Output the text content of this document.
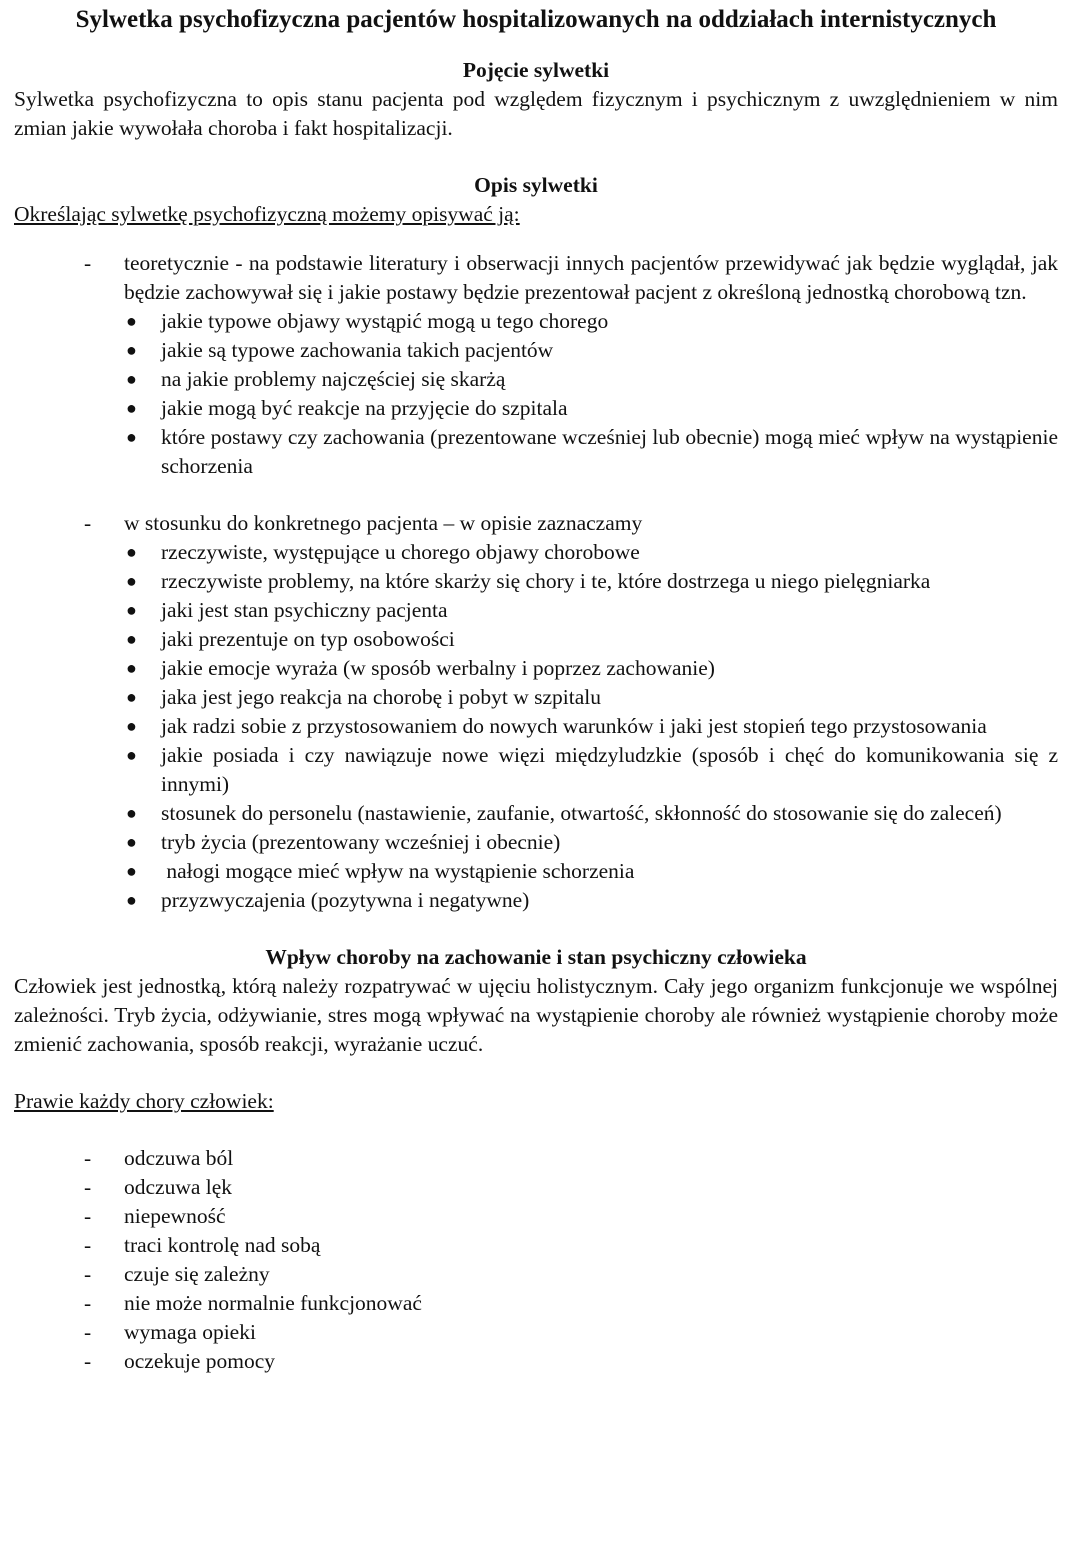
Sylwetka psychofizyczna pacjentów hospitalizowanych na oddziałach internistycznych
Pojęcie sylwetki

Sylwetka psychofizyczna to opis stanu pacjenta pod względem fizycznym i psychicznym z uwzględnieniem w nim zmian jakie wywołała choroba i fakt hospitalizacji.

Opis sylwetki

Określając sylwetkę psychofizyczną możemy opisywać ją:

- teoretycznie - na podstawie literatury i obserwacji innych pacjentów przewidywać jak będzie wyglądał, jak będzie zachowywał się i jakie postawy będzie prezentował pacjent z określoną jednostką chorobową tzn.
● jakie typowe objawy wystąpić mogą u tego chorego
● jakie są typowe zachowania takich pacjentów
● na jakie problemy najczęściej się skarżą
● jakie mogą być reakcje na przyjęcie do szpitala
● które postawy czy zachowania (prezentowane wcześniej lub obecnie) mogą mieć wpływ na wystąpienie schorzenia
- w stosunku do konkretnego pacjenta – w opisie zaznaczamy
● rzeczywiste, występujące u chorego objawy chorobowe
● rzeczywiste problemy, na które skarży się chory i te, które dostrzega u niego pielęgniarka
● jaki jest stan psychiczny pacjenta
● jaki prezentuje on typ osobowości
● jakie emocje wyraża (w sposób werbalny i poprzez zachowanie)
● jaka jest jego reakcja na chorobę i pobyt w szpitalu
● jak radzi sobie z przystosowaniem do nowych warunków i jaki jest stopień tego przystosowania
● jakie posiada i czy nawiązuje nowe więzi międzyludzkie (sposób i chęć do komunikowania się z innymi)
● stosunek do personelu (nastawienie, zaufanie, otwartość, skłonność do stosowanie się do zaleceń)
● tryb życia (prezentowany wcześniej i obecnie)
● nałogi mogące mieć wpływ na wystąpienie schorzenia
● przyzwyczajenia (pozytywna i negatywne)
Wpływ choroby na zachowanie i stan psychiczny człowieka

Człowiek jest jednostką, którą należy rozpatrywać w ujęciu holistycznym. Cały jego organizm funkcjonuje we wspólnej zależności. Tryb życia, odżywianie, stres mogą wpływać na wystąpienie choroby ale również wystąpienie choroby może zmienić zachowania, sposób reakcji, wyrażanie uczuć.

Prawie każdy chory człowiek:

- odczuwa ból
- odczuwa lęk
- niepewność
- traci kontrolę nad sobą
- czuje się zależny
- nie może normalnie funkcjonować
- wymaga opieki
- oczekuje pomocy
